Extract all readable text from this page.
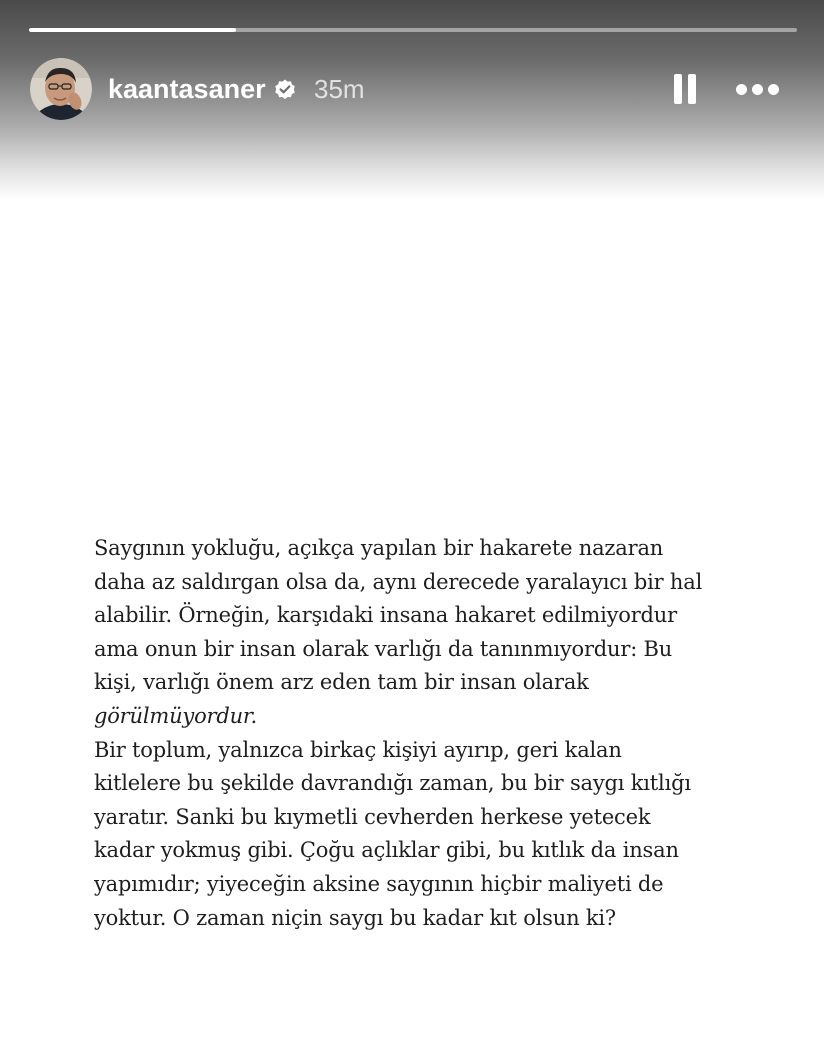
kaantasaner 35m
Saygının yokluğu, açıkça yapılan bir hakarete nazaran
daha az saldırgan olsa da, aynı derecede yaralayıcı bir hal
alabilir. Örneğin, karşıdaki insana hakaret edilmiyordur
ama onun bir insan olarak varlığı da tanınmıyordur: Bu
kişi, varlığı önem arz eden tam bir insan olarak
görülmüyordur.
Bir toplum, yalnızca birkaç kişiyi ayırıp, geri kalan
kitlelere bu şekilde davrandığı zaman, bu bir saygı kıtlığı
yaratır. Sanki bu kıymetli cevherden herkese yetecek
kadar yokmuş gibi. Çoğu açlıklar gibi, bu kıtlık da insan
yapımıdır; yiyeceğin aksine saygının hiçbir maliyeti de
yoktur. O zaman niçin saygı bu kadar kıt olsun ki?
